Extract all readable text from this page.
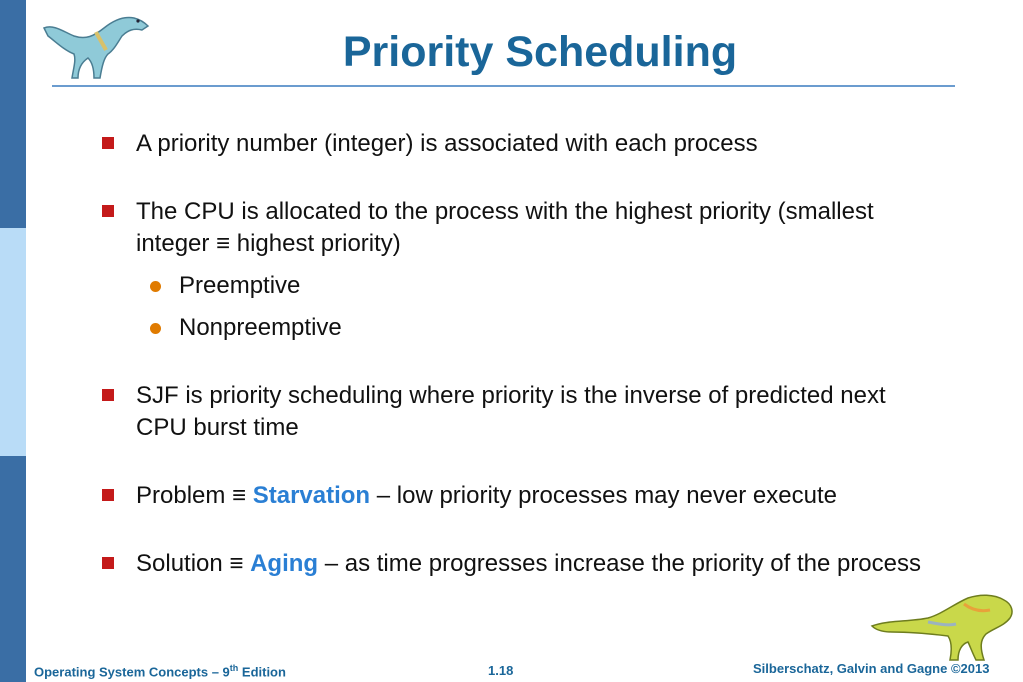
Priority Scheduling
A priority number (integer) is associated with each process
The CPU is allocated to the process with the highest priority (smallest integer ≡ highest priority)
Preemptive
Nonpreemptive
SJF is priority scheduling where priority is the inverse of predicted next CPU burst time
Problem ≡ Starvation – low priority processes may never execute
Solution ≡ Aging – as time progresses increase the priority of the process
Operating System Concepts – 9th Edition	1.18	Silberschatz, Galvin and Gagne ©2013
